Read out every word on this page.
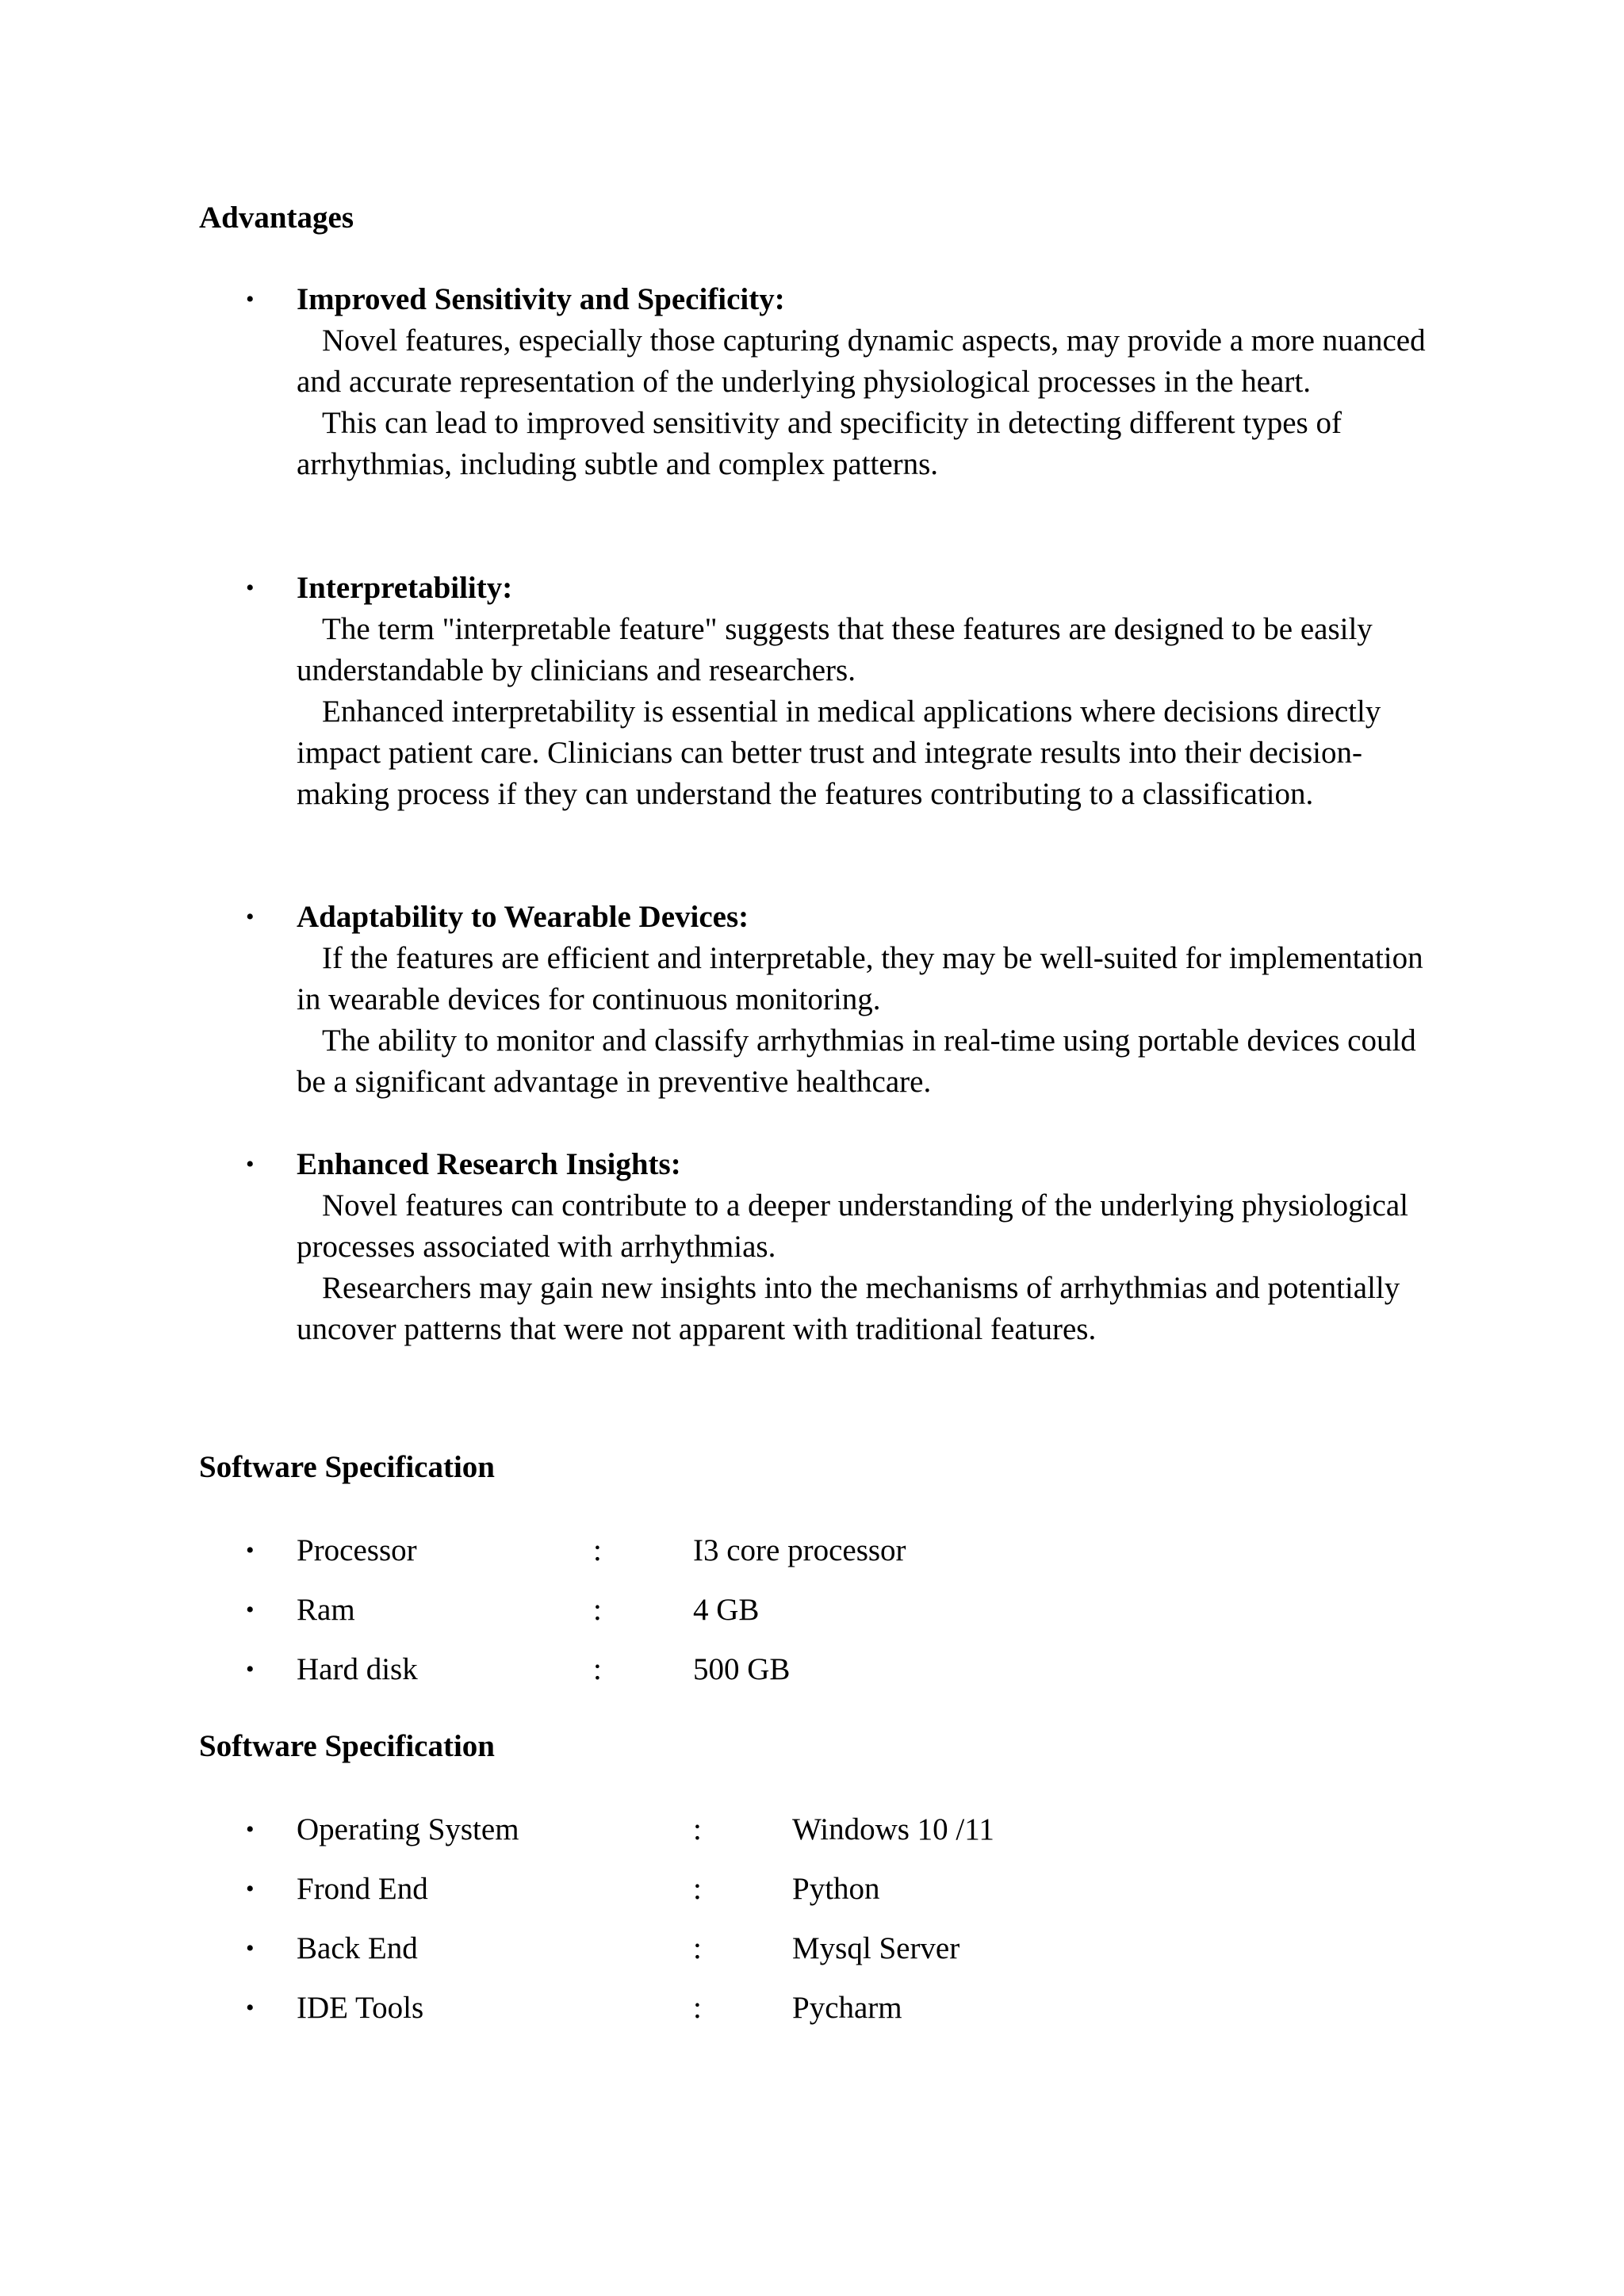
Advantages
• Improved Sensitivity and Specificity:

Novel features, especially those capturing dynamic aspects, may provide a more nuanced and accurate representation of the underlying physiological processes in the heart.

This can lead to improved sensitivity and specificity in detecting different types of arrhythmias, including subtle and complex patterns.

• Interpretability:

The term "interpretable feature" suggests that these features are designed to be easily understandable by clinicians and researchers.

Enhanced interpretability is essential in medical applications where decisions directly impact patient care. Clinicians can better trust and integrate results into their decision-making process if they can understand the features contributing to a classification.

• Adaptability to Wearable Devices:

If the features are efficient and interpretable, they may be well-suited for implementation in wearable devices for continuous monitoring.

The ability to monitor and classify arrhythmias in real-time using portable devices could be a significant advantage in preventive healthcare.

• Enhanced Research Insights:

Novel features can contribute to a deeper understanding of the underlying physiological processes associated with arrhythmias.

Researchers may gain new insights into the mechanisms of arrhythmias and potentially uncover patterns that were not apparent with traditional features.

Software Specification
• Processor	:	I3 core processor
• Ram	:	4 GB
• Hard disk	:	500 GB
Software Specification
• Operating System	:	Windows 10 /11
• Frond End	:	Python
• Back End	:	Mysql Server
• IDE Tools	:	Pycharm
